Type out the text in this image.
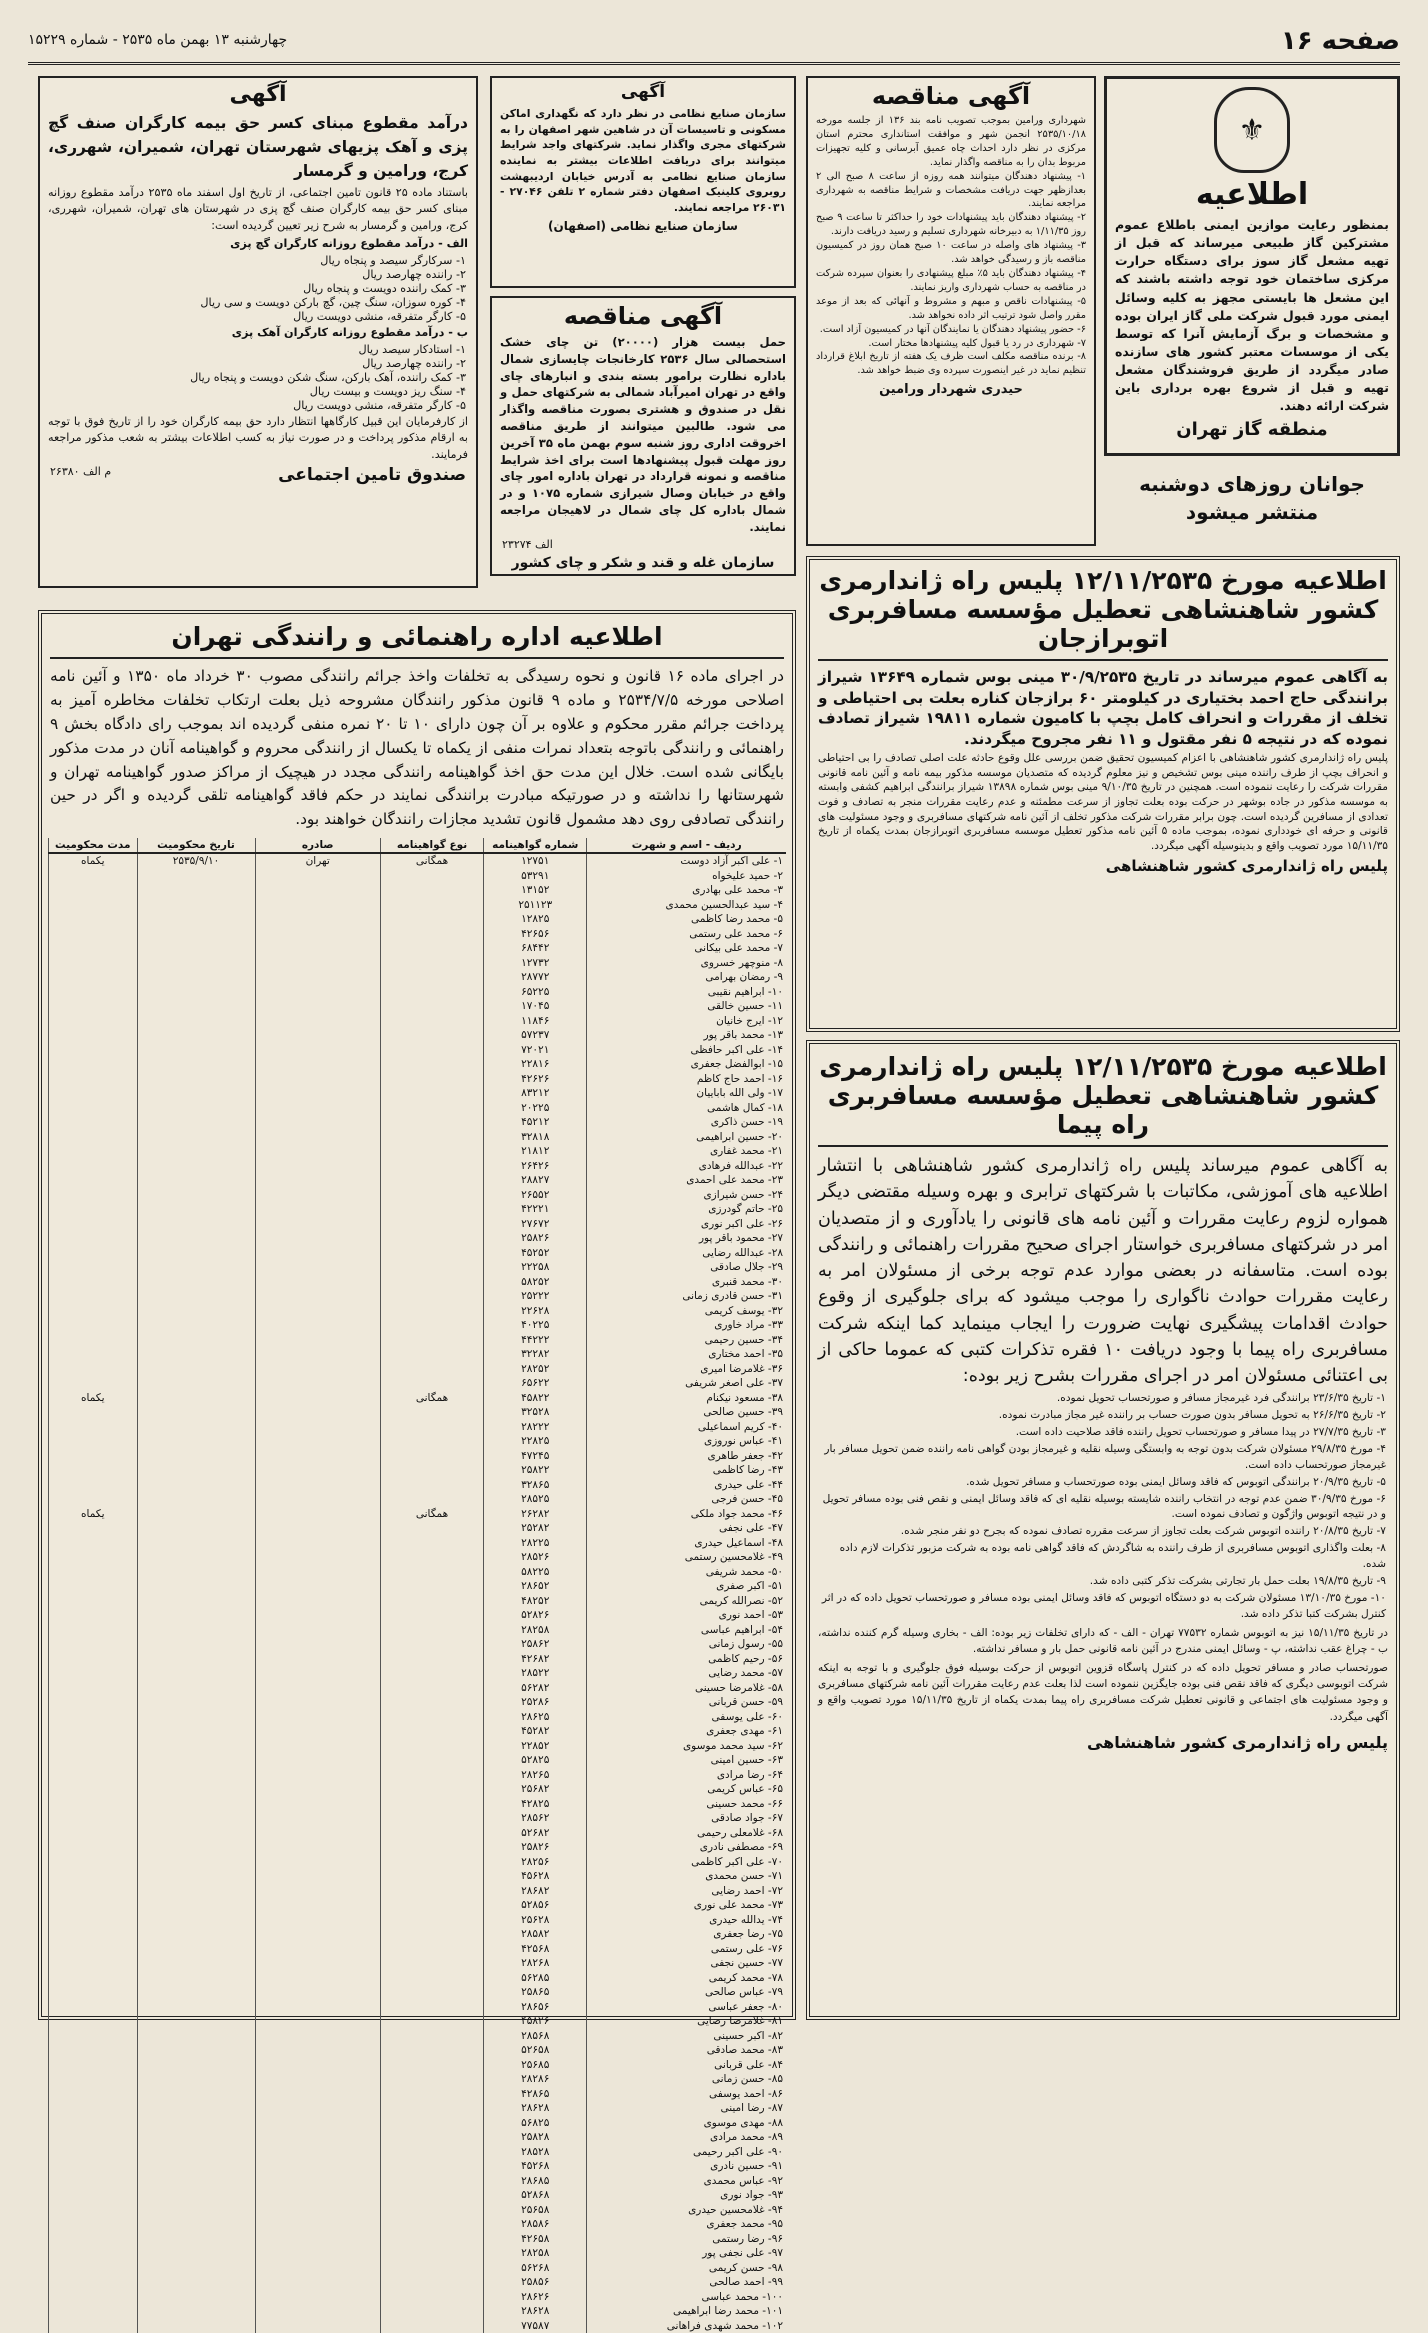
صفحه ۱۶
چهارشنبه ۱۳ بهمن ماه ۲۵۳۵ - شماره ۱۵۲۲۹
⚜
اطلاعیه
بمنظور رعایت موازین ایمنی باطلاع عموم مشترکین گاز طبیعی میرساند که قبل از تهیه مشعل گاز سوز برای دستگاه حرارت مرکزی ساختمان خود توجه داشته باشند که این مشعل ها بایستی مجهز به کلیه وسائل ایمنی مورد قبول شرکت ملی گاز ایران بوده و مشخصات و برگ آزمایش آنرا که توسط یکی از موسسات معتبر کشور های سازنده صادر میگردد از طریق فروشندگان مشعل تهیه و قبل از شروع بهره برداری باین شرکت ارائه دهند.
منطقه گاز تهران
جوانان روزهای دوشنبه منتشر میشود
آگهی مناقصه
شهرداری ورامین بموجب تصویب نامه بند ۱۳۶ از جلسه مورخه ۲۵۳۵/۱۰/۱۸ انجمن شهر و موافقت استانداری محترم استان مرکزی در نظر دارد احداث چاه عمیق آبرسانی و کلیه تجهیزات مربوط بدان را به مناقصه واگذار نماید.
۱- پیشنهاد دهندگان میتوانند همه روزه از ساعت ۸ صبح الی ۲ بعدازظهر جهت دریافت مشخصات و شرایط مناقصه به شهرداری مراجعه نمایند.
۲- پیشنهاد دهندگان باید پیشنهادات خود را حداکثر تا ساعت ۹ صبح روز ۱/۱۱/۳۵ به دبیرخانه شهرداری تسلیم و رسید دریافت دارند.
۳- پیشنهاد های واصله در ساعت ۱۰ صبح همان روز در کمیسیون مناقصه باز و رسیدگی خواهد شد.
۴- پیشنهاد دهندگان باید ۵٪ مبلغ پیشنهادی را بعنوان سپرده شرکت در مناقصه به حساب شهرداری واریز نمایند.
۵- پیشنهادات ناقص و مبهم و مشروط و آنهائی که بعد از موعد مقرر واصل شود ترتیب اثر داده نخواهد شد.
۶- حضور پیشنهاد دهندگان یا نمایندگان آنها در کمیسیون آزاد است.
۷- شهرداری در رد یا قبول کلیه پیشنهادها مختار است.
۸- برنده مناقصه مکلف است ظرف یک هفته از تاریخ ابلاغ قرارداد تنظیم نماید در غیر اینصورت سپرده وی ضبط خواهد شد.
حیدری شهردار ورامین
آگهی
سازمان صنایع نظامی در نظر دارد که نگهداری اماکن مسکونی و تاسیسات آن در شاهین شهر اصفهان را به شرکتهای مجری واگذار نماید. شرکتهای واجد شرایط میتوانند برای دریافت اطلاعات بیشتر به نماینده سازمان صنایع نظامی به آدرس خیابان اردیبهشت روبروی کلینیک اصفهان دفتر شماره ۲ تلفن ۲۷۰۴۶ - ۲۶۰۳۱ مراجعه نمایند.
سازمان صنایع نظامی (اصفهان)
آگهی مناقصه
حمل بیست هزار (۲۰۰۰۰) تن چای خشک استحصالی سال ۲۵۳۶ کارخانجات چایسازی شمال باداره نظارت برامور بسته بندی و انبارهای چای واقع در تهران امیرآباد شمالی به شرکتهای حمل و نقل در صندوق و هشتری بصورت مناقصه واگذار می شود. طالبین میتوانند از طریق مناقصه اخروقت اداری روز شنبه سوم بهمن ماه ۳۵ آخرین روز مهلت قبول پیشنهادها است برای اخذ شرایط مناقصه و نمونه قرارداد در تهران باداره امور چای واقع در خیابان وصال شیرازی شماره ۱۰۷۵ و در شمال باداره کل چای شمال در لاهیجان مراجعه نمایند.
الف ۲۳۲۷۴
سازمان غله و قند و شکر و چای کشور
آگهی
درآمد مقطوع مبنای کسر حق بیمه کارگران صنف گچ پزی و آهک پزیهای شهرستان تهران، شمیران، شهرری، کرج، ورامین و گرمسار
باستناد ماده ۲۵ قانون تامین اجتماعی، از تاریخ اول اسفند ماه ۲۵۳۵ درآمد مقطوع روزانه مبنای کسر حق بیمه کارگران صنف گچ پزی در شهرستان های تهران، شمیران، شهرری، کرج، ورامین و گرمسار به شرح زیر تعیین گردیده است:
الف - درآمد مقطوع روزانه کارگران گچ پزی
۱- سرکارگر سیصد و پنجاه ریال
۲- راننده چهارصد ریال
۳- کمک راننده دویست و پنجاه ریال
۴- کوره سوزان، سنگ چین، گچ بارکن دویست و سی ریال
۵- کارگر متفرقه، منشی دویست ریال
ب - درآمد مقطوع روزانه کارگران آهک پزی
۱- استادکار سیصد ریال
۲- راننده چهارصد ریال
۳- کمک راننده، آهک بارکن، سنگ شکن دویست و پنجاه ریال
۴- سنگ ریز دویست و بیست ریال
۵- کارگر متفرقه، منشی دویست ریال
از کارفرمایان این قبیل کارگاهها انتظار دارد حق بیمه کارگران خود را از تاریخ فوق با توجه به ارقام مذکور پرداخت و در صورت نیاز به کسب اطلاعات بیشتر به شعب مذکور مراجعه فرمایند.
صندوق تامین اجتماعی
م الف ۲۶۳۸۰
اطلاعیه مورخ ۱۲/۱۱/۲۵۳۵ پلیس راه ژاندارمری
کشور شاهنشاهی تعطیل مؤسسه مسافربری اتوبرازجان
به آگاهی عموم میرساند در تاریخ ۳۰/۹/۲۵۳۵ مینی بوس شماره ۱۳۶۴۹ شیراز برانندگی حاج احمد بختیاری در کیلومتر ۶۰ برازجان کناره بعلت بی احتیاطی و تخلف از مقررات و انحراف کامل بچپ با کامیون شماره ۱۹۸۱۱ شیراز تصادف نموده که در نتیجه ۵ نفر مقتول و ۱۱ نفر مجروح میگردند.
پلیس راه ژاندارمری کشور شاهنشاهی با اعزام کمیسیون تحقیق ضمن بررسی علل وقوع حادثه علت اصلی تصادف را بی احتیاطی و انحراف بچپ از طرف راننده مینی بوس تشخیص و نیز معلوم گردیده که متصدیان موسسه مذکور بیمه نامه و آئین نامه قانونی مقررات شرکت را رعایت ننموده است. همچنین در تاریخ ۹/۱۰/۳۵ مینی بوس شماره ۱۳۸۹۸ شیراز برانندگی ابراهیم کشفی وابسته به موسسه مذکور در جاده بوشهر در حرکت بوده بعلت تجاوز از سرعت مطمئنه و عدم رعایت مقررات منجر به تصادف و فوت تعدادی از مسافرین گردیده است. چون برابر مقررات شرکت مذکور تخلف از آئین نامه شرکتهای مسافربری و وجود مسئولیت های قانونی و حرفه ای خودداری نموده، بموجب ماده ۵ آئین نامه مذکور تعطیل موسسه مسافربری اتوبرازجان بمدت یکماه از تاریخ ۱۵/۱۱/۳۵ مورد تصویب واقع و بدینوسیله آگهی میگردد.
پلیس راه ژاندارمری کشور شاهنشاهی
اطلاعیه مورخ ۱۲/۱۱/۲۵۳۵ پلیس راه ژاندارمری
کشور شاهنشاهی تعطیل مؤسسه مسافربری راه پیما
به آگاهی عموم میرساند پلیس راه ژاندارمری کشور شاهنشاهی با انتشار اطلاعیه های آموزشی، مکاتبات با شرکتهای ترابری و بهره وسیله مقتضی دیگر همواره لزوم رعایت مقررات و آئین نامه های قانونی را یادآوری و از متصدیان امر در شرکتهای مسافربری خواستار اجرای صحیح مقررات راهنمائی و رانندگی بوده است. متاسفانه در بعضی موارد عدم توجه برخی از مسئولان امر به رعایت مقررات حوادث ناگواری را موجب میشود که برای جلوگیری از وقوع حوادث اقدامات پیشگیری نهایت ضرورت را ایجاب مینماید کما اینکه شرکت مسافربری راه پیما با وجود دریافت ۱۰ فقره تذکرات کتبی که عموما حاکی از بی اعتنائی مسئولان امر در اجرای مقررات بشرح زیر بوده:
۱- تاریخ ۲۳/۶/۳۵ برانندگی فرد غیرمجاز مسافر و صورتحساب تحویل نموده.
۲- تاریخ ۲۶/۶/۳۵ به تحویل مسافر بدون صورت حساب بر راننده غیر مجاز مبادرت نموده.
۳- تاریخ ۲۷/۷/۳۵ در پیدا مسافر و صورتحساب تحویل راننده فاقد صلاحیت داده است.
۴- مورخ ۲۹/۸/۳۵ مسئولان شرکت بدون توجه به وابستگی وسیله نقلیه و غیرمجاز بودن گواهی نامه راننده ضمن تحویل مسافر بار غیرمجاز صورتحساب داده است.
۵- تاریخ ۲۰/۹/۳۵ برانندگی اتوبوس که فاقد وسائل ایمنی بوده صورتحساب و مسافر تحویل شده.
۶- مورخ ۳۰/۹/۳۵ ضمن عدم توجه در انتخاب راننده شایسته بوسیله نقلیه ای که فاقد وسائل ایمنی و نقص فنی بوده مسافر تحویل و در نتیجه اتوبوس واژگون و تصادف نموده است.
۷- تاریخ ۲۰/۸/۳۵ راننده اتوبوس شرکت بعلت تجاوز از سرعت مقرره تصادف نموده که بجرح دو نفر منجر شده.
۸- بعلت واگذاری اتوبوس مسافربری از طرف راننده به شاگردش که فاقد گواهی نامه بوده به شرکت مزبور تذکرات لازم داده شده.
۹- تاریخ ۱۹/۸/۳۵ بعلت حمل بار تجارتی بشرکت تذکر کتبی داده شد.
۱۰- مورخ ۱۳/۱۰/۳۵ مسئولان شرکت به دو دستگاه اتوبوس که فاقد وسائل ایمنی بوده مسافر و صورتحساب تحویل داده که در اثر کنترل بشرکت کتبا تذکر داده شد.
در تاریخ ۱۵/۱۱/۳۵ نیز به اتوبوس شماره ۷۷۵۳۲ تهران - الف - که دارای تخلفات زیر بوده: الف - بخاری وسیله گرم کننده نداشته، ب - چراغ عقب نداشته، پ - وسائل ایمنی مندرج در آئین نامه قانونی حمل بار و مسافر نداشته.
صورتحساب صادر و مسافر تحویل داده که در کنترل پاسگاه قزوین اتوبوس از حرکت بوسیله فوق جلوگیری و با توجه به اینکه شرکت اتوبوسی دیگری که فاقد نقص فنی بوده جایگزین ننموده است لذا بعلت عدم رعایت مقررات آئین نامه شرکتهای مسافربری و وجود مسئولیت های اجتماعی و قانونی تعطیل شرکت مسافربری راه پیما بمدت یکماه از تاریخ ۱۵/۱۱/۳۵ مورد تصویب واقع و آگهی میگردد.
پلیس راه ژاندارمری کشور شاهنشاهی
اطلاعیه اداره راهنمائی و رانندگی تهران
در اجرای ماده ۱۶ قانون و نحوه رسیدگی به تخلفات واخذ جرائم رانندگی مصوب ۳۰ خرداد ماه ۱۳۵۰ و آئین نامه اصلاحی مورخه ۲۵۳۴/۷/۵ و ماده ۹ قانون مذکور رانندگان مشروحه ذیل بعلت ارتکاب تخلفات مخاطره آمیز به پرداخت جرائم مقرر محکوم و علاوه بر آن چون دارای ۱۰ تا ۲۰ نمره منفی گردیده اند بموجب رای دادگاه بخش ۹ راهنمائی و رانندگی باتوجه بتعداد نمرات منفی از یکماه تا یکسال از رانندگی محروم و گواهینامه آنان در مدت مذکور بایگانی شده است. خلال این مدت حق اخذ گواهینامه رانندگی مجدد در هیچیک از مراکز صدور گواهینامه تهران و شهرستانها را نداشته و در صورتیکه مبادرت برانندگی نمایند در حکم فاقد گواهینامه تلقی گردیده و اگر در حین رانندگی تصادفی روی دهد مشمول قانون تشدید مجازات رانندگان خواهند بود.
ردیف - اسم و شهرت	شماره گواهینامه	نوع گواهینامه	صادره	تاریخ محکومیت	مدت محکومیت
۱- علی اکبر آزاد دوست	۱۲۷۵۱	همگانی	تهران	۲۵۳۵/۹/۱۰	یکماه
۲- حمید علیخواه	۵۳۲۹۱				
۳- محمد علی بهادری	۱۳۱۵۲				
۴- سید عبدالحسین محمدی	۲۵۱۱۲۳				
۵- محمد رضا کاظمی	۱۲۸۲۵				
۶- محمد علی رستمی	۴۲۶۵۶				
۷- محمد علی بیکانی	۶۸۴۴۲				
۸- منوچهر خسروی	۱۲۷۳۲				
۹- رمضان بهرامی	۲۸۷۷۲				
۱۰- ابراهیم نقیبی	۶۵۲۲۵				
۱۱- حسین خالقی	۱۷۰۴۵				
۱۲- ایرج خانیان	۱۱۸۴۶				
۱۳- محمد باقر پور	۵۷۲۳۷				
۱۴- علی اکبر حافظی	۷۲۰۲۱				
۱۵- ابوالفضل جعفری	۲۲۸۱۶				
۱۶- احمد حاج کاظم	۴۲۶۲۶				
۱۷- ولی الله باباییان	۸۳۲۱۲				
۱۸- کمال هاشمی	۲۰۲۲۵				
۱۹- حسن ذاکری	۴۵۲۱۲				
۲۰- حسین ابراهیمی	۳۲۸۱۸				
۲۱- محمد غفاری	۲۱۸۱۲				
۲۲- عبدالله فرهادی	۲۶۴۲۶				
۲۳- محمد علی احمدی	۲۸۸۲۷				
۲۴- حسن شیرازی	۲۶۵۵۲				
۲۵- حاتم گودرزی	۴۲۲۲۱				
۲۶- علی اکبر نوری	۲۷۶۷۲				
۲۷- محمود باقر پور	۲۵۸۲۶				
۲۸- عبدالله رضایی	۴۵۲۵۲				
۲۹- جلال صادقی	۲۲۲۵۸				
۳۰- محمد قنبری	۵۸۲۵۲				
۳۱- حسن قادری زمانی	۲۵۲۲۲				
۳۲- یوسف کریمی	۲۲۶۲۸				
۳۳- مراد خاوری	۴۰۲۲۵				
۳۴- حسین رحیمی	۴۴۲۲۲				
۳۵- احمد مختاری	۳۲۲۸۲				
۳۶- غلامرضا امیری	۲۸۲۵۲				
۳۷- علی اصغر شریفی	۶۵۶۲۲				
۳۸- مسعود نیکنام	۴۵۸۲۲	همگانی			یکماه
۳۹- حسین صالحی	۳۲۵۲۸				
۴۰- کریم اسماعیلی	۲۸۲۲۲				
۴۱- عباس نوروزی	۲۲۸۲۵				
۴۲- جعفر طاهری	۴۷۲۴۵				
۴۳- رضا کاظمی	۲۵۸۲۲				
۴۴- علی حیدری	۳۲۸۶۵				
۴۵- حسن فرجی	۲۸۵۲۵				
۴۶- محمد جواد ملکی	۲۶۲۸۲	همگانی			یکماه
۴۷- علی نجفی	۲۵۲۸۲				
۴۸- اسماعیل حیدری	۲۸۲۲۵				
۴۹- غلامحسین رستمی	۲۸۵۲۶				
۵۰- محمد شریفی	۵۸۲۲۵				
۵۱- اکبر صفری	۲۸۶۵۲				
۵۲- نصرالله کریمی	۴۸۲۵۲				
۵۳- احمد نوری	۵۲۸۲۶				
۵۴- ابراهیم عباسی	۲۸۲۵۸				
۵۵- رسول زمانی	۲۵۸۶۲				
۵۶- رحیم کاظمی	۴۲۶۸۲				
۵۷- محمد رضایی	۲۸۵۲۲				
۵۸- غلامرضا حسینی	۵۶۲۸۲				
۵۹- حسن قربانی	۲۵۲۸۶				
۶۰- علی یوسفی	۲۸۶۲۵				
۶۱- مهدی جعفری	۴۵۲۸۲				
۶۲- سید محمد موسوی	۲۲۸۵۲				
۶۳- حسین امینی	۵۲۸۲۵				
۶۴- رضا مرادی	۲۸۲۶۵				
۶۵- عباس کریمی	۲۵۶۸۲				
۶۶- محمد حسینی	۴۲۸۲۵				
۶۷- جواد صادقی	۲۸۵۶۲				
۶۸- غلامعلی رحیمی	۵۲۶۸۲				
۶۹- مصطفی نادری	۲۵۸۲۶				
۷۰- علی اکبر کاظمی	۲۸۲۵۶				
۷۱- حسن محمدی	۴۵۶۲۸				
۷۲- احمد رضایی	۲۸۶۸۲				
۷۳- محمد علی نوری	۵۲۸۵۶				
۷۴- یدالله حیدری	۲۵۶۲۸				
۷۵- رضا جعفری	۲۸۵۸۲				
۷۶- علی رستمی	۴۲۵۶۸				
۷۷- حسین نجفی	۲۸۲۶۸				
۷۸- محمد کریمی	۵۶۲۸۵				
۷۹- عباس صالحی	۲۵۸۶۵				
۸۰- جعفر عباسی	۲۸۶۵۶				
۸۱- غلامرضا رضایی	۴۵۸۲۶				
۸۲- اکبر حسینی	۲۸۵۶۸				
۸۳- محمد صادقی	۵۲۶۵۸				
۸۴- علی قربانی	۲۵۶۸۵				
۸۵- حسن زمانی	۲۸۲۸۶				
۸۶- احمد یوسفی	۴۲۸۶۵				
۸۷- رضا امینی	۲۸۶۲۸				
۸۸- مهدی موسوی	۵۶۸۲۵				
۸۹- محمد مرادی	۲۵۸۲۸				
۹۰- علی اکبر رحیمی	۲۸۵۲۸				
۹۱- حسین نادری	۴۵۲۶۸				
۹۲- عباس محمدی	۲۸۶۸۵				
۹۳- جواد نوری	۵۲۸۶۸				
۹۴- غلامحسین حیدری	۲۵۶۵۸				
۹۵- محمد جعفری	۲۸۵۸۶				
۹۶- رضا رستمی	۴۲۶۵۸				
۹۷- علی نجفی پور	۲۸۲۵۸				
۹۸- حسن کریمی	۵۶۲۶۸				
۹۹- احمد صالحی	۲۵۸۵۶				
۱۰۰- محمد عباسی	۲۸۶۲۶				
۱۰۱- محمد رضا ابراهیمی	۲۸۶۲۸				
۱۰۲- محمد شهدی فراهانی	۷۷۵۸۷				
